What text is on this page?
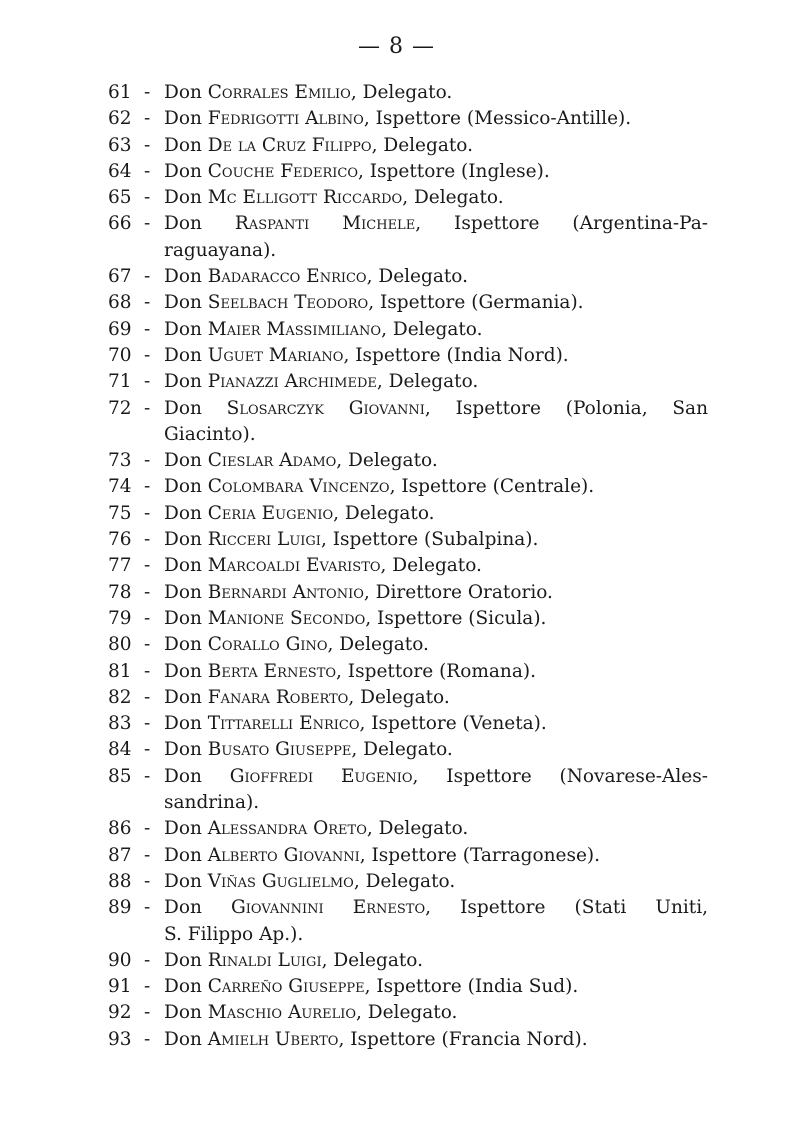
— 8 —
61 - Don Corrales Emilio, Delegato.
62 - Don Fedrigotti Albino, Ispettore (Messico-Antille).
63 - Don De la Cruz Filippo, Delegato.
64 - Don Couche Federico, Ispettore (Inglese).
65 - Don Mc Elligott Riccardo, Delegato.
66 - Don Raspanti Michele, Ispettore (Argentina-Pa-
raguayana).
67 - Don Badaracco Enrico, Delegato.
68 - Don Seelbach Teodoro, Ispettore (Germania).
69 - Don Maier Massimiliano, Delegato.
70 - Don Uguet Mariano, Ispettore (India Nord).
71 - Don Pianazzi Archimede, Delegato.
72 - Don Slosarczyk Giovanni, Ispettore (Polonia, San
Giacinto).
73 - Don Cieslar Adamo, Delegato.
74 - Don Colombara Vincenzo, Ispettore (Centrale).
75 - Don Ceria Eugenio, Delegato.
76 - Don Ricceri Luigi, Ispettore (Subalpina).
77 - Don Marcoaldi Evaristo, Delegato.
78 - Don Bernardi Antonio, Direttore Oratorio.
79 - Don Manione Secondo, Ispettore (Sicula).
80 - Don Corallo Gino, Delegato.
81 - Don Berta Ernesto, Ispettore (Romana).
82 - Don Fanara Roberto, Delegato.
83 - Don Tittarelli Enrico, Ispettore (Veneta).
84 - Don Busato Giuseppe, Delegato.
85 - Don Gioffredi Eugenio, Ispettore (Novarese-Ales-
sandrina).
86 - Don Alessandra Oreto, Delegato.
87 - Don Alberto Giovanni, Ispettore (Tarragonese).
88 - Don Viñas Guglielmo, Delegato.
89 - Don Giovannini Ernesto, Ispettore (Stati Uniti,
S. Filippo Ap.).
90 - Don Rinaldi Luigi, Delegato.
91 - Don Carreño Giuseppe, Ispettore (India Sud).
92 - Don Maschio Aurelio, Delegato.
93 - Don Amielh Uberto, Ispettore (Francia Nord).
